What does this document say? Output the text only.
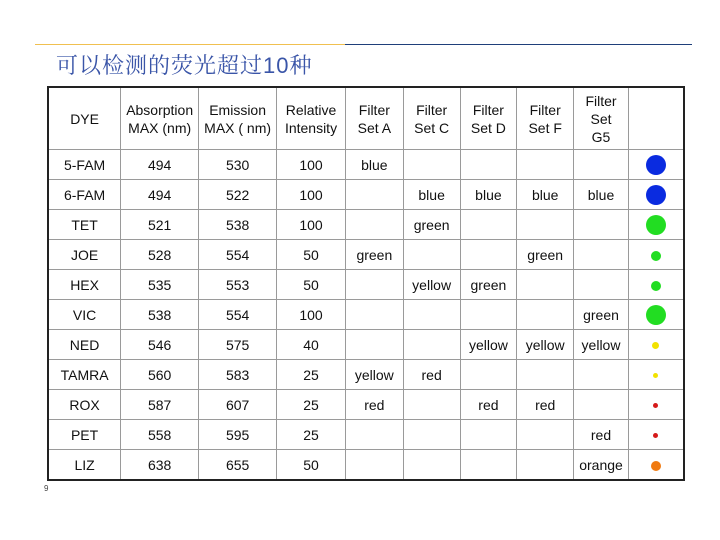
可以检测的荧光超过10种
DYE	Absorption MAX (nm)	Emission MAX ( nm)	Relative Intensity	Filter Set A	Filter Set C	Filter Set D	Filter Set F	Filter Set G5	
5-FAM	494	530	100	blue					
6-FAM	494	522	100		blue	blue	blue	blue	
TET	521	538	100		green				
JOE	528	554	50	green			green		
HEX	535	553	50		yellow	green			
VIC	538	554	100					green	
NED	546	575	40			yellow	yellow	yellow	
TAMRA	560	583	25	yellow	red				
ROX	587	607	25	red		red	red		
PET	558	595	25					red	
LIZ	638	655	50					orange	
9
